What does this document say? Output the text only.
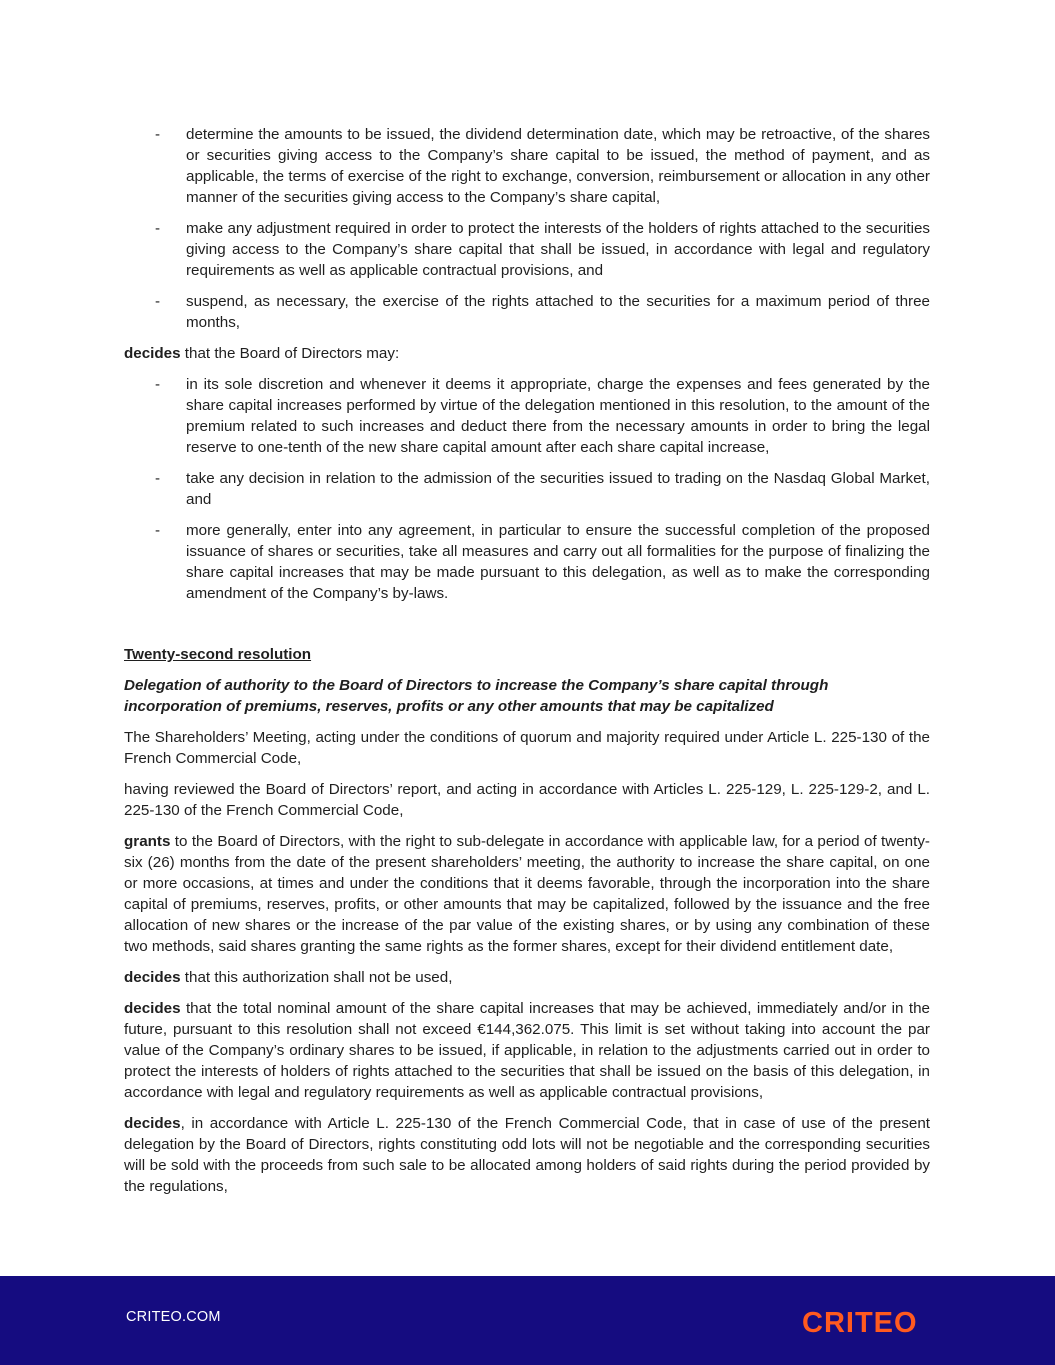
- determine the amounts to be issued, the dividend determination date, which may be retroactive, of the shares or securities giving access to the Company’s share capital to be issued, the method of payment, and as applicable, the terms of exercise of the right to exchange, conversion, reimbursement or allocation in any other manner of the securities giving access to the Company’s share capital,
- make any adjustment required in order to protect the interests of the holders of rights attached to the securities giving access to the Company’s share capital that shall be issued, in accordance with legal and regulatory requirements as well as applicable contractual provisions, and
- suspend, as necessary, the exercise of the rights attached to the securities for a maximum period of three months,

decides that the Board of Directors may:

- in its sole discretion and whenever it deems it appropriate, charge the expenses and fees generated by the share capital increases performed by virtue of the delegation mentioned in this resolution, to the amount of the premium related to such increases and deduct there from the necessary amounts in order to bring the legal reserve to one-tenth of the new share capital amount after each share capital increase,
- take any decision in relation to the admission of the securities issued to trading on the Nasdaq Global Market, and
- more generally, enter into any agreement, in particular to ensure the successful completion of the proposed issuance of shares or securities, take all measures and carry out all formalities for the purpose of finalizing the share capital increases that may be made pursuant to this delegation, as well as to make the corresponding amendment of the Company’s by-laws.

Twenty-second resolution

Delegation of authority to the Board of Directors to increase the Company’s share capital through incorporation of premiums, reserves, profits or any other amounts that may be capitalized

The Shareholders’ Meeting, acting under the conditions of quorum and majority required under Article L. 225-130 of the French Commercial Code,

having reviewed the Board of Directors’ report, and acting in accordance with Articles L. 225-129, L. 225-129-2, and L. 225-130 of the French Commercial Code,

grants to the Board of Directors, with the right to sub-delegate in accordance with applicable law, for a period of twenty-six (26) months from the date of the present shareholders’ meeting, the authority to increase the share capital, on one or more occasions, at times and under the conditions that it deems favorable, through the incorporation into the share capital of premiums, reserves, profits, or other amounts that may be capitalized, followed by the issuance and the free allocation of new shares or the increase of the par value of the existing shares, or by using any combination of these two methods, said shares granting the same rights as the former shares, except for their dividend entitlement date,

decides that this authorization shall not be used,

decides that the total nominal amount of the share capital increases that may be achieved, immediately and/or in the future, pursuant to this resolution shall not exceed €144,362.075. This limit is set without taking into account the par value of the Company’s ordinary shares to be issued, if applicable, in relation to the adjustments carried out in order to protect the interests of holders of rights attached to the securities that shall be issued on the basis of this delegation, in accordance with legal and regulatory requirements as well as applicable contractual provisions,

decides, in accordance with Article L. 225-130 of the French Commercial Code, that in case of use of the present delegation by the Board of Directors, rights constituting odd lots will not be negotiable and the corresponding securities will be sold with the proceeds from such sale to be allocated among holders of said rights during the period provided by the regulations,

CRITEO.COM	CRITEO
